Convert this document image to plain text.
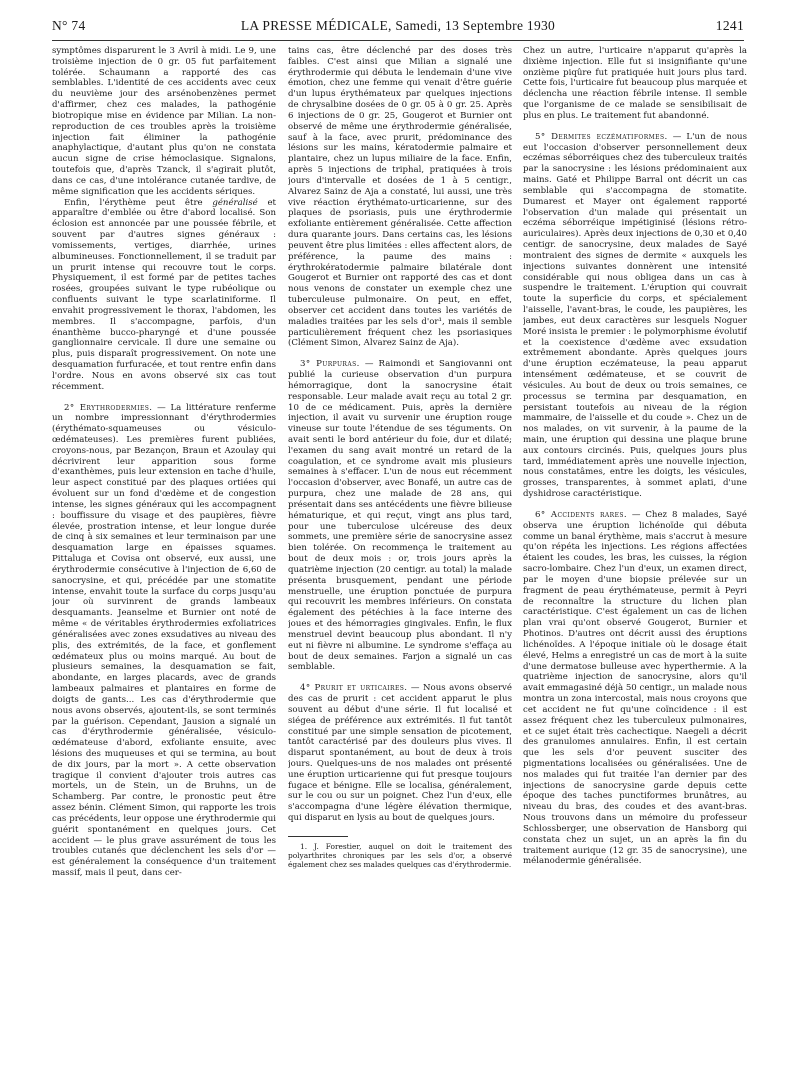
N° 74	LA PRESSE MÉDICALE, Samedi, 13 Septembre 1930	1241

symptômes disparurent le 3 Avril à midi. Le 9, une troisième injection de 0 gr. 05 fut parfaitement tolérée. Schaumann a rapporté des cas semblables. L'identité de ces accidents avec ceux du neuvième jour des arsénobenzènes permet d'affirmer, chez ces malades, la pathogénie biotropique mise en évidence par Milian. La non-reproduction de ces troubles après la troisième injection fait éliminer la pathogénie anaphylactique, d'autant plus qu'on ne constata aucun signe de crise hémoclasique. Signalons, toutefois que, d'après Tzanck, il s'agirait plutôt, dans ce cas, d'une intolérance cutanée tardive, de même signification que les accidents sériques.

Enfin, l'érythème peut être généralisé et apparaître d'emblée ou être d'abord localisé. Son éclosion est annoncée par une poussée fébrile, et souvent par d'autres signes généraux : vomissements, vertiges, diarrhée, urines albumineuses. Fonctionnellement, il se traduit par un prurit intense qui recouvre tout le corps. Physiquement, il est formé par de petites taches rosées, groupées suivant le type rubéolique ou confluents suivant le type scarlatiniforme. Il envahit progressivement le thorax, l'abdomen, les membres. Il s'accompagne, parfois, d'un énanthème bucco-pharyngé et d'une poussée ganglionnaire cervicale. Il dure une semaine ou plus, puis disparaît progressivement. On note une desquamation furfuracée, et tout rentre enfin dans l'ordre. Nous en avons observé six cas tout récemment.

2° Erythrodermies. — La littérature renferme un nombre impressionnant d'érythrodermies (érythémato-squameuses ou vésiculo-œdémateuses). Les premières furent publiées, croyons-nous, par Bezançon, Braun et Azoulay qui décrivirent leur apparition sous forme d'exanthèmes, puis leur extension en tache d'huile, leur aspect constitué par des plaques ortiées qui évoluent sur un fond d'œdème et de congestion intense, les signes généraux qui les accompagnent : bouffissure du visage et des paupières, fièvre élevée, prostration intense, et leur longue durée de cinq à six semaines et leur terminaison par une desquamation large en épaisses squames. Pittaluga et Covisa ont observé, eux aussi, une érythrodermie consécutive à l'injection de 6,60 de sanocrysine, et qui, précédée par une stomatite intense, envahit toute la surface du corps jusqu'au jour où survinrent de grands lambeaux desquamants. Jeanselme et Burnier ont noté de même « de véritables érythrodermies exfoliatrices généralisées avec zones exsudatives au niveau des plis, des extrémités, de la face, et gonflement œdémateux plus ou moins marqué. Au bout de plusieurs semaines, la desquamation se fait, abondante, en larges placards, avec de grands lambeaux palmaires et plantaires en forme de doigts de gants... Les cas d'érythrodermie que nous avons observés, ajoutent-ils, se sont terminés par la guérison. Cependant, Jausion a signalé un cas d'érythrodermie généralisée, vésiculo-œdémateuse d'abord, exfoliante ensuite, avec lésions des muqueuses et qui se termina, au bout de dix jours, par la mort ». A cette observation tragique il convient d'ajouter trois autres cas mortels, un de Stein, un de Bruhns, un de Schamberg. Par contre, le pronostic peut être assez bénin. Clément Simon, qui rapporte les trois cas précédents, leur oppose une érythrodermie qui guérit spontanément en quelques jours. Cet accident — le plus grave assurément de tous les troubles cutanés que déclenchent les sels d'or — est généralement la conséquence d'un traitement massif, mais il peut, dans cer-

tains cas, être déclenché par des doses très faibles. C'est ainsi que Milian a signalé une érythrodermie qui débuta le lendemain d'une vive émotion, chez une femme qui venait d'être guérie d'un lupus érythémateux par quelques injections de chrysalbine dosées de 0 gr. 05 à 0 gr. 25. Après 6 injections de 0 gr. 25, Gougerot et Burnier ont observé de même une érythrodermie généralisée, sauf à la face, avec prurit, prédominance des lésions sur les mains, kératodermie palmaire et plantaire, chez un lupus miliaire de la face. Enfin, après 5 injections de triphal, pratiquées à trois jours d'intervalle et dosées de 1 à 5 centigr., Alvarez Sainz de Aja a constaté, lui aussi, une très vive réaction érythémato-urticarienne, sur des plaques de psoriasis, puis une érythrodermie exfoliante entièrement généralisée. Cette affection dura quarante jours. Dans certains cas, les lésions peuvent être plus limitées : elles affectent alors, de préférence, la paume des mains : érythrokératodermie palmaire bilatérale dont Gougerot et Burnier ont rapporté des cas et dont nous venons de constater un exemple chez une tuberculeuse pulmonaire. On peut, en effet, observer cet accident dans toutes les variétés de maladies traitées par les sels d'or¹, mais il semble particulièrement fréquent chez les psoriasiques (Clément Simon, Alvarez Sainz de Aja).

3° Purpuras. — Raimondi et Sangiovanni ont publié la curieuse observation d'un purpura hémorragique, dont la sanocrysine était responsable. Leur malade avait reçu au total 2 gr. 10 de ce médicament. Puis, après la dernière injection, il avait vu survenir une éruption rouge vineuse sur toute l'étendue de ses téguments. On avait senti le bord antérieur du foie, dur et dilaté; l'examen du sang avait montré un retard de la coagulation, et ce syndrome avait mis plusieurs semaines à s'effacer. L'un de nous eut récemment l'occasion d'observer, avec Bonafé, un autre cas de purpura, chez une malade de 28 ans, qui présentait dans ses antécédents une fièvre bilieuse hématurique, et qui reçut, vingt ans plus tard, pour une tuberculose ulcéreuse des deux sommets, une première série de sanocrysine assez bien tolérée. On recommença le traitement au bout de deux mois : or, trois jours après la quatrième injection (20 centigr. au total) la malade présenta brusquement, pendant une période menstruelle, une éruption ponctuée de purpura qui recouvrit les membres inférieurs. On constata également des pétéchies à la face interne des joues et des hémorragies gingivales. Enfin, le flux menstruel devint beaucoup plus abondant. Il n'y eut ni fièvre ni albumine. Le syndrome s'effaça au bout de deux semaines. Farjon a signalé un cas semblable.

4° Prurit et urticaires. — Nous avons observé des cas de prurit : cet accident apparut le plus souvent au début d'une série. Il fut localisé et siégea de préférence aux extrémités. Il fut tantôt constitué par une simple sensation de picotement, tantôt caractérisé par des douleurs plus vives. Il disparut spontanément, au bout de deux à trois jours. Quelques-uns de nos malades ont présenté une éruption urticarienne qui fut presque toujours fugace et bénigne. Elle se localisa, généralement, sur le cou ou sur un poignet. Chez l'un d'eux, elle s'accompagna d'une légère élévation thermique, qui disparut en lysis au bout de quelques jours.

1. J. Forestier, auquel on doit le traitement des polyarthrites chroniques par les sels d'or, a observé également chez ses malades quelques cas d'érythrodermie.

Chez un autre, l'urticaire n'apparut qu'après la dixième injection. Elle fut si insignifiante qu'une onzième piqûre fut pratiquée huit jours plus tard. Cette fois, l'urticaire fut beaucoup plus marquée et déclencha une réaction fébrile intense. Il semble que l'organisme de ce malade se sensibilisait de plus en plus. Le traitement fut abandonné.

5° Dermites eczématiformes. — L'un de nous eut l'occasion d'observer personnellement deux eczémas séborréiques chez des tuberculeux traités par la sanocrysine : les lésions prédominaient aux mains. Gaté et Philippe Barral ont décrit un cas semblable qui s'accompagna de stomatite. Dumarest et Mayer ont également rapporté l'observation d'un malade qui présentait un eczéma séborréique impétiginisé (lésions rétro-auriculaires). Après deux injections de 0,30 et 0,40 centigr. de sanocrysine, deux malades de Sayé montraient des signes de dermite « auxquels les injections suivantes donnèrent une intensité considérable qui nous obligea dans un cas à suspendre le traitement. L'éruption qui couvrait toute la superficie du corps, et spécialement l'aisselle, l'avant-bras, le coude, les paupières, les jambes, eut deux caractères sur lesquels Noguer Moré insista le premier : le polymorphisme évolutif et la coexistence d'œdème avec exsudation extrêmement abondante. Après quelques jours d'une éruption eczémateuse, la peau apparut intensément œdémateuse, et se couvrit de vésicules. Au bout de deux ou trois semaines, ce processus se termina par desquamation, en persistant toutefois au niveau de la région mammaire, de l'aisselle et du coude ». Chez un de nos malades, on vit survenir, à la paume de la main, une éruption qui dessina une plaque brune aux contours circinés. Puis, quelques jours plus tard, immédiatement après une nouvelle injection, nous constatâmes, entre les doigts, les vésicules, grosses, transparentes, à sommet aplati, d'une dyshidrose caractéristique.

6° Accidents rares. — Chez 8 malades, Sayé observa une éruption lichénoïde qui débuta comme un banal érythème, mais s'accrut à mesure qu'on répéta les injections. Les régions affectées étaient les coudes, les bras, les cuisses, la région sacro-lombaire. Chez l'un d'eux, un examen direct, par le moyen d'une biopsie prélevée sur un fragment de peau érythémateuse, permit à Peyri de reconnaître la structure du lichen plan caractéristique. C'est également un cas de lichen plan vrai qu'ont observé Gougerot, Burnier et Photinos. D'autres ont décrit aussi des éruptions lichénoïdes. A l'époque initiale où le dosage était élevé, Helms a enregistré un cas de mort à la suite d'une dermatose bulleuse avec hyperthermie. A la quatrième injection de sanocrysine, alors qu'il avait emmagasiné déjà 50 centigr., un malade nous montra un zona intercostal, mais nous croyons que cet accident ne fut qu'une coïncidence : il est assez fréquent chez les tuberculeux pulmonaires, et ce sujet était très cachectique. Naegeli a décrit des granulomes annulaires. Enfin, il est certain que les sels d'or peuvent susciter des pigmentations localisées ou généralisées. Une de nos malades qui fut traitée l'an dernier par des injections de sanocrysine garde depuis cette époque des taches punctiformes brunâtres, au niveau du bras, des coudes et des avant-bras. Nous trouvons dans un mémoire du professeur Schlossberger, une observation de Hansborg qui constata chez un sujet, un an après la fin du traitement aurique (12 gr. 35 de sanocrysine), une mélanodermie généralisée.
